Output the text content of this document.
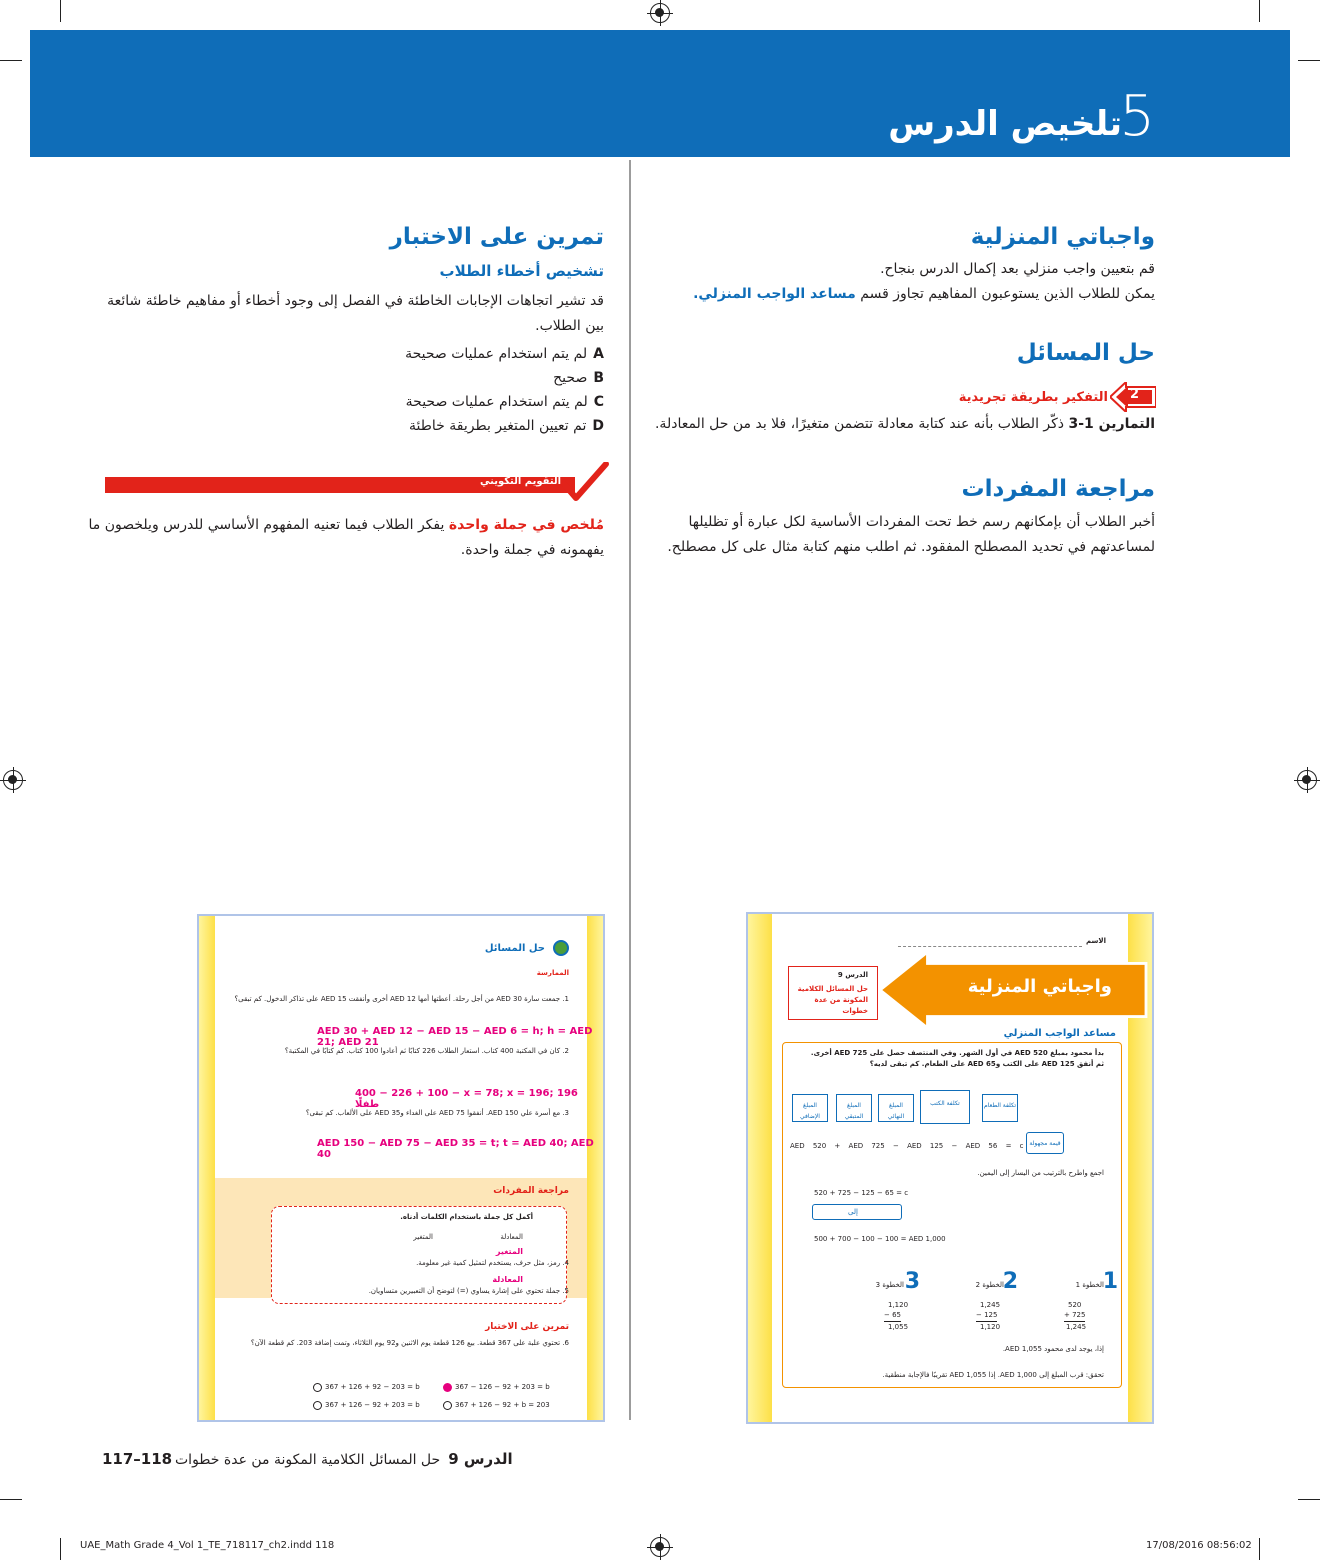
تلخيص الدرس
5
واجباتي المنزلية
قم بتعيين واجب منزلي بعد إكمال الدرس بنجاح.
يمكن للطلاب الذين يستوعبون المفاهيم تجاوز قسم مساعد الواجب المنزلي.
حل المسائل
2
التفكير بطريقة تجريدية
التمارين 1-3 ذكّر الطلاب بأنه عند كتابة معادلة تتضمن متغيرًا، فلا بد من حل المعادلة.
مراجعة المفردات
أخبر الطلاب أن بإمكانهم رسم خط تحت المفردات الأساسية لكل عبارة أو تظليلها
لمساعدتهم في تحديد المصطلح المفقود. ثم اطلب منهم كتابة مثال على كل مصطلح.
تمرين على الاختبار
تشخيص أخطاء الطلاب
قد تشير اتجاهات الإجابات الخاطئة في الفصل إلى وجود أخطاء أو مفاهيم خاطئة شائعة
بين الطلاب.
Aلم يتم استخدام عمليات صحيحة
Bصحيح
Cلم يتم استخدام عمليات صحيحة
Dتم تعيين المتغير بطريقة خاطئة
التقويم التكويني
مُلخص في جملة واحدة يفكر الطلاب فيما تعنيه المفهوم الأساسي للدرس ويلخصون ما
يفهمونه في جملة واحدة.
الاسم
واجباتي المنزلية
الدرس 9
حل المسائل الكلامية المكونة من عدة خطوات
مساعد الواجب المنزلي
بدأ محمود بمبلغ AED 520 في أول الشهر. وفي المنتصف حصل على AED 725 أخرى. ثم أنفق AED 125 على الكتب وAED 65 على الطعام. كم تبقى لديه؟
المبلغ الإضافي
المبلغ المتبقي
المبلغ النهائي
تكلفة الكتب	تكلفة الطعام
AED 520 + AED 725 − AED 125 − AED 56 = c قيمة مجهولة
اجمع واطرح بالترتيب من اليسار إلى اليمين.
520 + 725 − 125 − 65 = c
إلى
500 + 700 − 100 − 100 = AED 1,000
الخطوة 1
1
الخطوة 2
2
الخطوة 3 3
520
+ 725
1,245
1,245
− 125
1,120
1,120
− 65
1,055
إذا، يوجد لدى محمود AED 1,055.
تحقق: قرب المبلغ إلى AED 1,000. إذا AED 1,055 تقريبًا فالإجابة منطقية.
حل المسائل
الممارسة
1. جمعت سارة AED 30 من أجل رحلة. أعطتها أمها AED 12 أخرى وأنفقت AED 15 على تذاكر الدخول. كم تبقى؟
AED 30 + AED 12 − AED 15 − AED 6 = h; h = AED 21; AED 21
2. كان في المكتبة 400 كتاب. استعار الطلاب 226 كتابًا ثم أعادوا 100 كتاب. كم كتابًا في المكتبة؟
400 − 226 + 100 − x = 78; x = 196; 196 طفلًا
3. مع أسرة علي AED 150. أنفقوا AED 75 على الغداء وAED 35 على الألعاب. كم تبقى؟
AED 150 − AED 75 − AED 35 = t; t = AED 40; AED 40
مراجعة المفردات
أكمل كل جملة باستخدام الكلمات أدناه.
المعادلة
المتغير
المتغير
4. رمز، مثل حرف، يستخدم لتمثيل كمية غير معلومة.
المعادلة
5. جملة تحتوي على إشارة يساوي (=) لتوضح أن التعبيرين متساويان.
تمرين على الاختبار
6. تحتوي علبة على 367 قطعة. بيع 126 قطعة يوم الاثنين و92 يوم الثلاثاء، وتمت إضافة 203. كم قطعة الآن؟
367 − 126 − 92 + 203 = b
367 + 126 + 92 − 203 = b
367 + 126 − 92 + b = 203
367 + 126 − 92 + 203 = b
117–118	الدرس 9حل المسائل الكلامية المكونة من عدة خطوات
UAE_Math Grade 4_Vol 1_TE_718117_ch2.indd 118	17/08/2016 08:56:02
